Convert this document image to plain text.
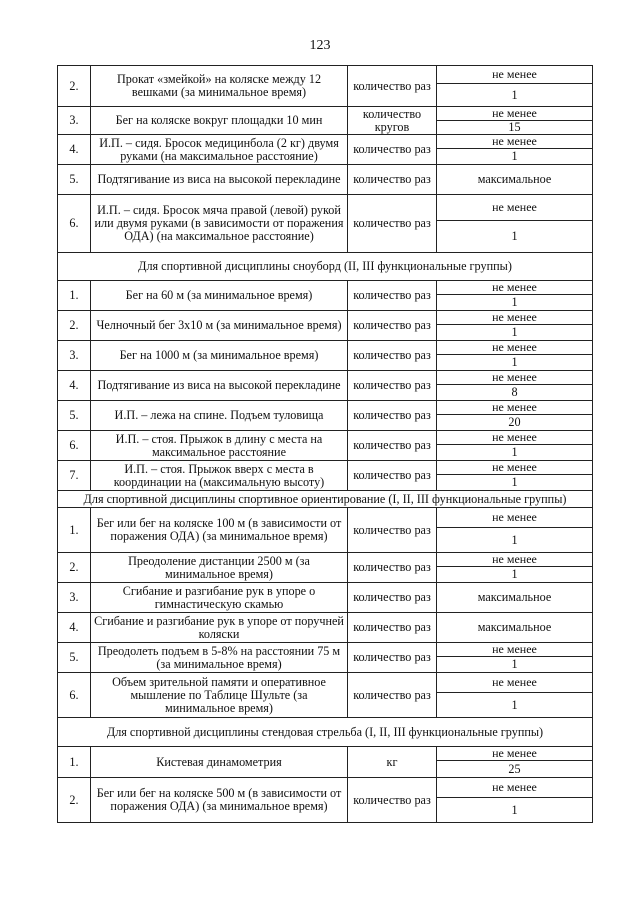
123
2.	Прокат «змейкой» на коляске между 12 вешками (за минимальное время)	количество раз	не менее
			1
3.	Бег на коляске вокруг площадки 10 мин	количество кругов	не менее
			15
4.	И.П. – сидя. Бросок медицинбола (2 кг) двумя руками (на максимальное расстояние)	количество раз	не менее
			1
5.	Подтягивание из виса на высокой перекладине	количество раз	максимальное
6.	И.П. – сидя. Бросок мяча правой (левой) рукой или двумя руками (в зависимости от поражения ОДА) (на максимальное расстояние)	количество раз	не менее
			1
Для спортивной дисциплины сноуборд (II, III функциональные группы)			
1.	Бег на 60 м (за минимальное время)	количество раз	не менее
			1
2.	Челночный бег 3х10 м (за минимальное время)	количество раз	не менее
			1
3.	Бег на 1000 м (за минимальное время)	количество раз	не менее
			1
4.	Подтягивание из виса на высокой перекладине	количество раз	не менее
			8
5.	И.П. – лежа на спине. Подъем туловища	количество раз	не менее
			20
6.	И.П. – стоя. Прыжок в длину с места на максимальное расстояние	количество раз	не менее
			1
7.	И.П. – стоя. Прыжок вверх с места в координации на (максимальную высоту)	количество раз	не менее
			1
Для спортивной дисциплины спортивное ориентирование (I, II, III функциональные группы)			
1.	Бег или бег на коляске 100 м (в зависимости от поражения ОДА) (за минимальное время)	количество раз	не менее
			1
2.	Преодоление дистанции 2500 м (за минимальное время)	количество раз	не менее
			1
3.	Сгибание и разгибание рук в упоре о гимнастическую скамью	количество раз	максимальное
4.	Сгибание и разгибание рук в упоре от поручней коляски	количество раз	максимальное
5.	Преодолеть подъем в 5-8% на расстоянии 75 м (за минимальное время)	количество раз	не менее
			1
6.	Объем зрительной памяти и оперативное мышление по Таблице Шульте (за минимальное время)	количество раз	не менее
			1
Для спортивной дисциплины стендовая стрельба (I, II, III функциональные группы)			
1.	Кистевая динамометрия	кг	не менее
			25
2.	Бег или бег на коляске 500 м (в зависимости от поражения ОДА) (за минимальное время)	количество раз	не менее
			1
